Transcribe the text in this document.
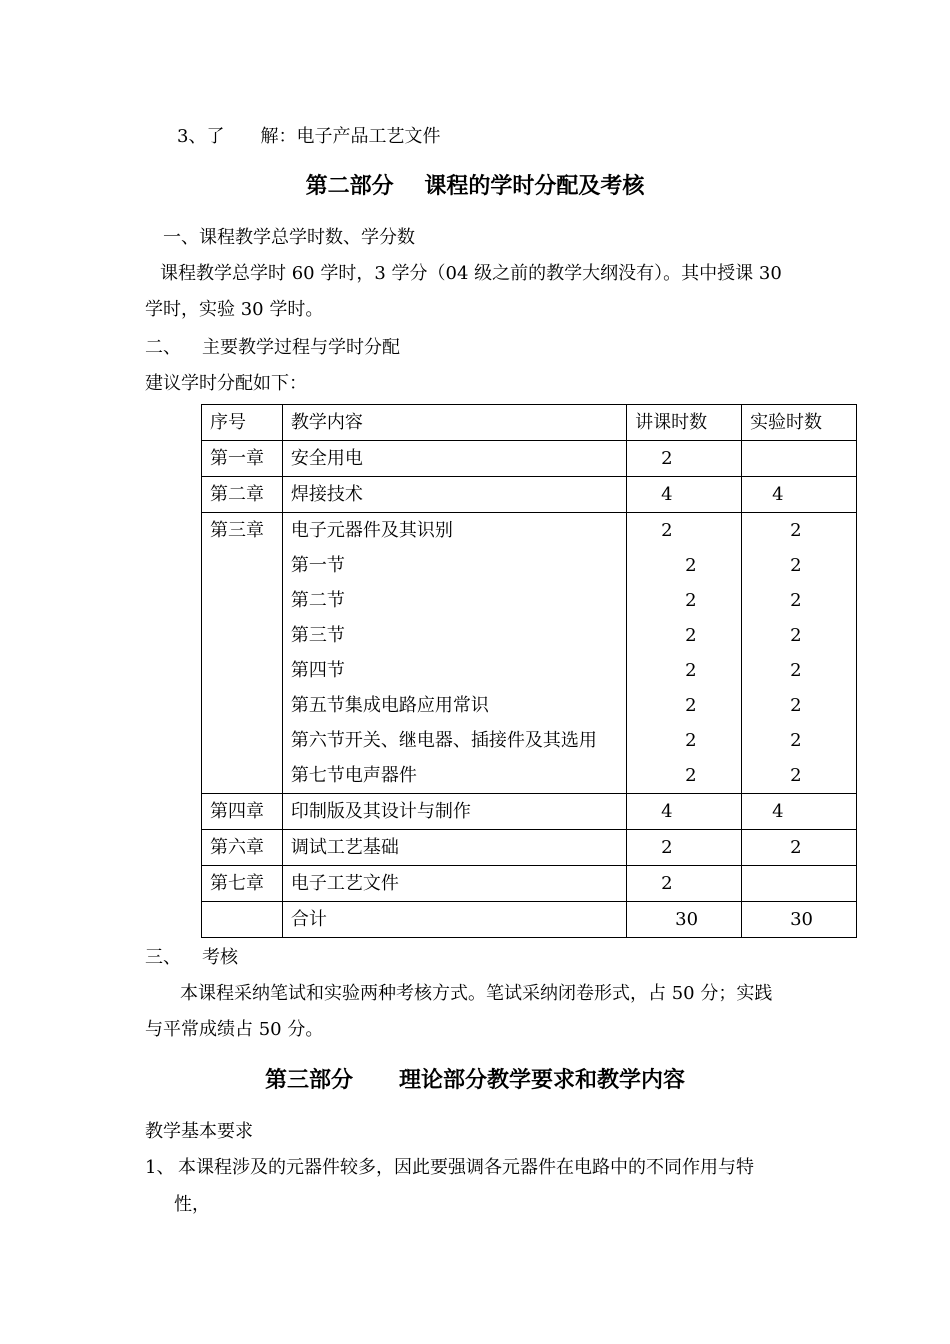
3、了　　解：电子产品工艺文件
第二部分 课程的学时分配及考核
一、课程教学总学时数、学分数
课程教学总学时 60 学时，3 学分（04 级之前的教学大纲没有）。其中授课 30
学时，实验 30 学时。
二、 主要教学过程与学时分配
建议学时分配如下：
序号	教学内容	讲课时数	实验时数
第一章	安全用电	2	
第二章	焊接技术	4	4
第三章	电子元器件及其识别	2	2
	第一节	2	2
	第二节	2	2
	第三节	2	2
	第四节	2	2
	第五节集成电路应用常识	2	2
	第六节开关、继电器、插接件及其选用	2	2
	第七节电声器件	2	2
第四章	印制版及其设计与制作	4	4
第六章	调试工艺基础	2	2
第七章	电子工艺文件	2	
	合计	30	30
三、 考核
本课程采纳笔试和实验两种考核方式。笔试采纳闭卷形式，占 50 分；实践
与平常成绩占 50 分。
第三部分 理论部分教学要求和教学内容
教学基本要求
1、 本课程涉及的元器件较多，因此要强调各元器件在电路中的不同作用与特
性，
